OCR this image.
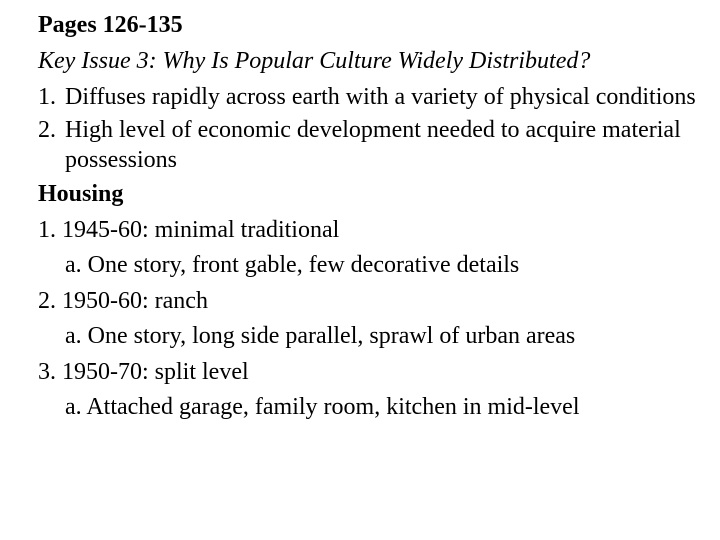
Pages 126-135
Key Issue 3: Why Is Popular Culture Widely Distributed?
1. Diffuses rapidly across earth with a variety of physical conditions
2. High level of economic development needed to acquire material possessions
Housing
1. 1945-60: minimal traditional
a. One story, front gable, few decorative details
2. 1950-60: ranch
a. One story, long side parallel, sprawl of urban areas
3. 1950-70: split level
a. Attached garage, family room, kitchen in mid-level
